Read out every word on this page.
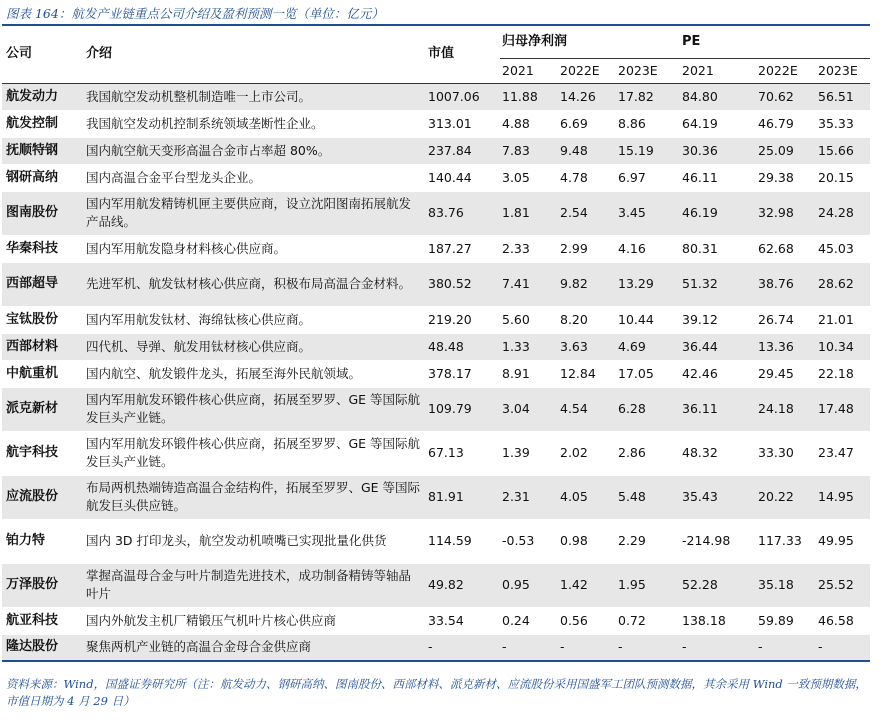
图表 164：航发产业链重点公司介绍及盈利预测一览（单位：亿元）
公司	介绍	市值	归母净利润			PE		
			2021	2022E	2023E	2021	2022E	2023E
航发动力	我国航空发动机整机制造唯一上市公司。	1007.06	11.88	14.26	17.82	84.80	70.62	56.51
航发控制	我国航空发动机控制系统领域垄断性企业。	313.01	4.88	6.69	8.86	64.19	46.79	35.33
抚顺特钢	国内航空航天变形高温合金市占率超 80%。	237.84	7.83	9.48	15.19	30.36	25.09	15.66
钢研高纳	国内高温合金平台型龙头企业。	140.44	3.05	4.78	6.97	46.11	29.38	20.15
图南股份	国内军用航发精铸机匣主要供应商，设立沈阳图南拓展航发产品线。	83.76	1.81	2.54	3.45	46.19	32.98	24.28
华秦科技	国内军用航发隐身材料核心供应商。	187.27	2.33	2.99	4.16	80.31	62.68	45.03
西部超导	先进军机、航发钛材核心供应商，积极布局高温合金材料。	380.52	7.41	9.82	13.29	51.32	38.76	28.62
宝钛股份	国内军用航发钛材、海绵钛核心供应商。	219.20	5.60	8.20	10.44	39.12	26.74	21.01
西部材料	四代机、导弹、航发用钛材核心供应商。	48.48	1.33	3.63	4.69	36.44	13.36	10.34
中航重机	国内航空、航发锻件龙头，拓展至海外民航领域。	378.17	8.91	12.84	17.05	42.46	29.45	22.18
派克新材	国内军用航发环锻件核心供应商，拓展至罗罗、GE 等国际航发巨头产业链。	109.79	3.04	4.54	6.28	36.11	24.18	17.48
航宇科技	国内军用航发环锻件核心供应商，拓展至罗罗、GE 等国际航发巨头产业链。	67.13	1.39	2.02	2.86	48.32	33.30	23.47
应流股份	布局两机热端铸造高温合金结构件，拓展至罗罗、GE 等国际航发巨头供应链。	81.91	2.31	4.05	5.48	35.43	20.22	14.95
铂力特	国内 3D 打印龙头，航空发动机喷嘴已实现批量化供货	114.59	-0.53	0.98	2.29	-214.98	117.33	49.95
万泽股份	掌握高温母合金与叶片制造先进技术，成功制备精铸等轴晶叶片	49.82	0.95	1.42	1.95	52.28	35.18	25.52
航亚科技	国内外航发主机厂精锻压气机叶片核心供应商	33.54	0.24	0.56	0.72	138.18	59.89	46.58
隆达股份	聚焦两机产业链的高温合金母合金供应商	-	-	-	-	-	-	-
资料来源：Wind，国盛证券研究所（注：航发动力、钢研高纳、图南股份、西部材料、派克新材、应流股份采用国盛军工团队预测数据，其余采用 Wind 一致预期数据，市值日期为 4 月 29 日）
